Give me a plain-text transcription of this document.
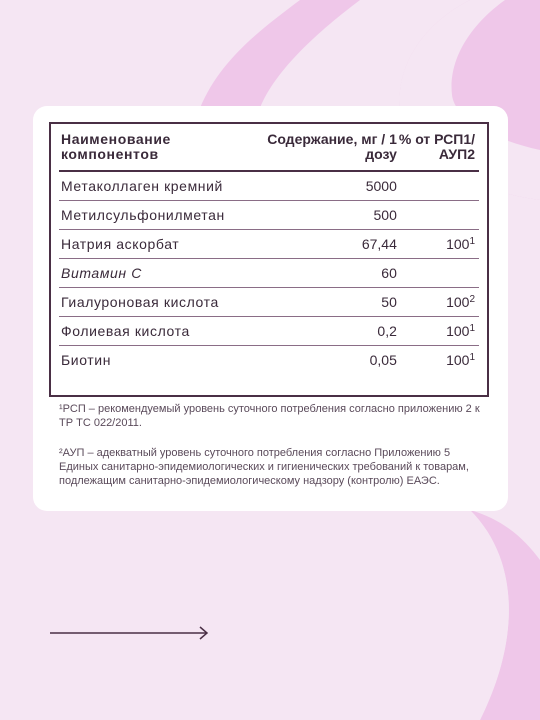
Наименование компонентов	Содержание, мг / 1 дозу	% от РСП1/ АУП2
Метаколлаген кремний	5000	
Метилсульфонилметан	500	
Натрия аскорбат	67,44	$100^1$
Витамин С	60	
Гиалуроновая кислота	50	$100^2$
Фолиевая кислота	0,2	$100^1$
Биотин	0,05	$100^1$

¹РСП – рекомендуемый уровень суточного потребления согласно приложению 2 к ТР ТС 022/2011.

²АУП – адекватный уровень суточного потребления согласно Приложению 5 Единых санитарно-эпидемиологических и гигиенических требований к товарам, подлежащим санитарно-эпидемиологическому надзору (контролю) ЕАЭС.
